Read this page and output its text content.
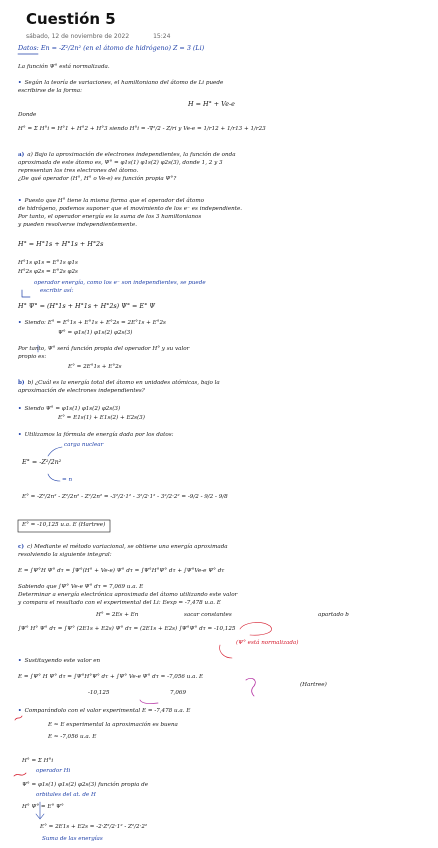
Cuestión 5
sábado, 12 de noviembre de 2022	15:24
Datos: En = -Z²/2n² (en el átomo de hidrógeno) Z = 3 (Li)
La función Ψ° está normalizada.
• Según la teoría de variaciones, el hamiltoniano del átomo de Li puede
escribirse de la forma:
H = H° + Ve-e
Donde
H° = Σ H°i = H°1 + H°2 + H°3 siendo H°i = -∇²/2 - Z/ri y Ve-e = 1/r12 + 1/r13 + 1/r23
a) a) Bajo la aproximación de electrones independientes, la función de onda
aproximada de este átomo es, Ψ° = φ1s(1) φ1s(2) φ2s(3), donde 1, 2 y 3
representan los tres electrones del átomo.
¿De qué operador (H°, H° o Ve-e) es función propia Ψ°?
• Puesto que H° tiene la misma forma que el operador del átomo
de hidrógeno, podemos suponer que el movimiento de los e⁻ es independiente.
Por tanto, el operador energía es la suma de los 3 hamiltonianos
y pueden resolverse independientemente.
H° = H°1s + H°1s + H°2s
H°1s φ1s = E°1s φ1s
H°2s φ2s = E°2s φ2s
operador energía, como los e⁻ son independientes, se puede
escribir así:
H° Ψ° = (H°1s + H°1s + H°2s) Ψ° = E° Ψ
• Siendo: E° = E°1s + E°1s + E°2s = 2E°1s + E°2s
Ψ° = φ1s(1) φ1s(2) φ2s(3)
Por tanto, Ψ° será función propia del operador H° y su valor
propio es:
E° = 2E°1s + E°2s
b) b) ¿Cuál es la energía total del átomo en unidades atómicas, bajo la
aproximación de electrones independientes?
• Siendo Ψ° = φ1s(1) φ1s(2) φ2s(3)
E° = E1s(1) + E1s(2) + E2s(3)
• Utilizamos la fórmula de energía dada por los datos:
carga nuclear
E° = -Z²/2n²
= n
E° = -Z²/2n² - Z²/2n² - Z²/2n² = -3²/2·1² - 3²/2·1² - 3²/2·2² = -9/2 - 9/2 - 9/8
E° = -10,125 u.a. E (Hartree)
c) c) Mediante el método variacional, se obtiene una energía aproximada
resolviendo la siguiente integral:
E = ∫Ψ°H Ψ° dτ = ∫Ψ°(H° + Ve-e) Ψ° dτ = ∫Ψ°H°Ψ° dτ + ∫Ψ°Ve-e Ψ° dτ
Sabiendo que ∫Ψ° Ve-e Ψ° dτ = 7,069 u.a. E
Determinar a energía electrónica aproximada del átomo utilizando este valor
y compara el resultado con el experimental del Li: Eexp = -7,478 u.a. E
H° = 2Es + En	sacar constantes	apartado b
∫Ψ° H° Ψ° dτ = ∫Ψ° (2E1s + E2s) Ψ° dτ = (2E1s + E2s) ∫Ψ°Ψ° dτ = -10,125
(Ψ° está normalizada)
• Sustituyendo este valor en
E = ∫Ψ° H Ψ° dτ = ∫Ψ°H°Ψ° dτ + ∫Ψ° Ve-e Ψ° dτ = -7,056 u.a. E
(Hartree)
-10,125	7,069
• Comparándolo con el valor experimental E = -7,478 u.a. E
E ≃ E experimental la aproximación es buena
E ≃ -7,056 u.a. E
H° = Σ H°i
operador Hi
Ψ° = φ1s(1) φ1s(2) φ2s(3) función propia de
orbitales del at. de H
H° Ψ° = E° Ψ°
E° = 2E1s + E2s = -2·Z²/2·1² - Z²/2·2²
Suma de las energías
